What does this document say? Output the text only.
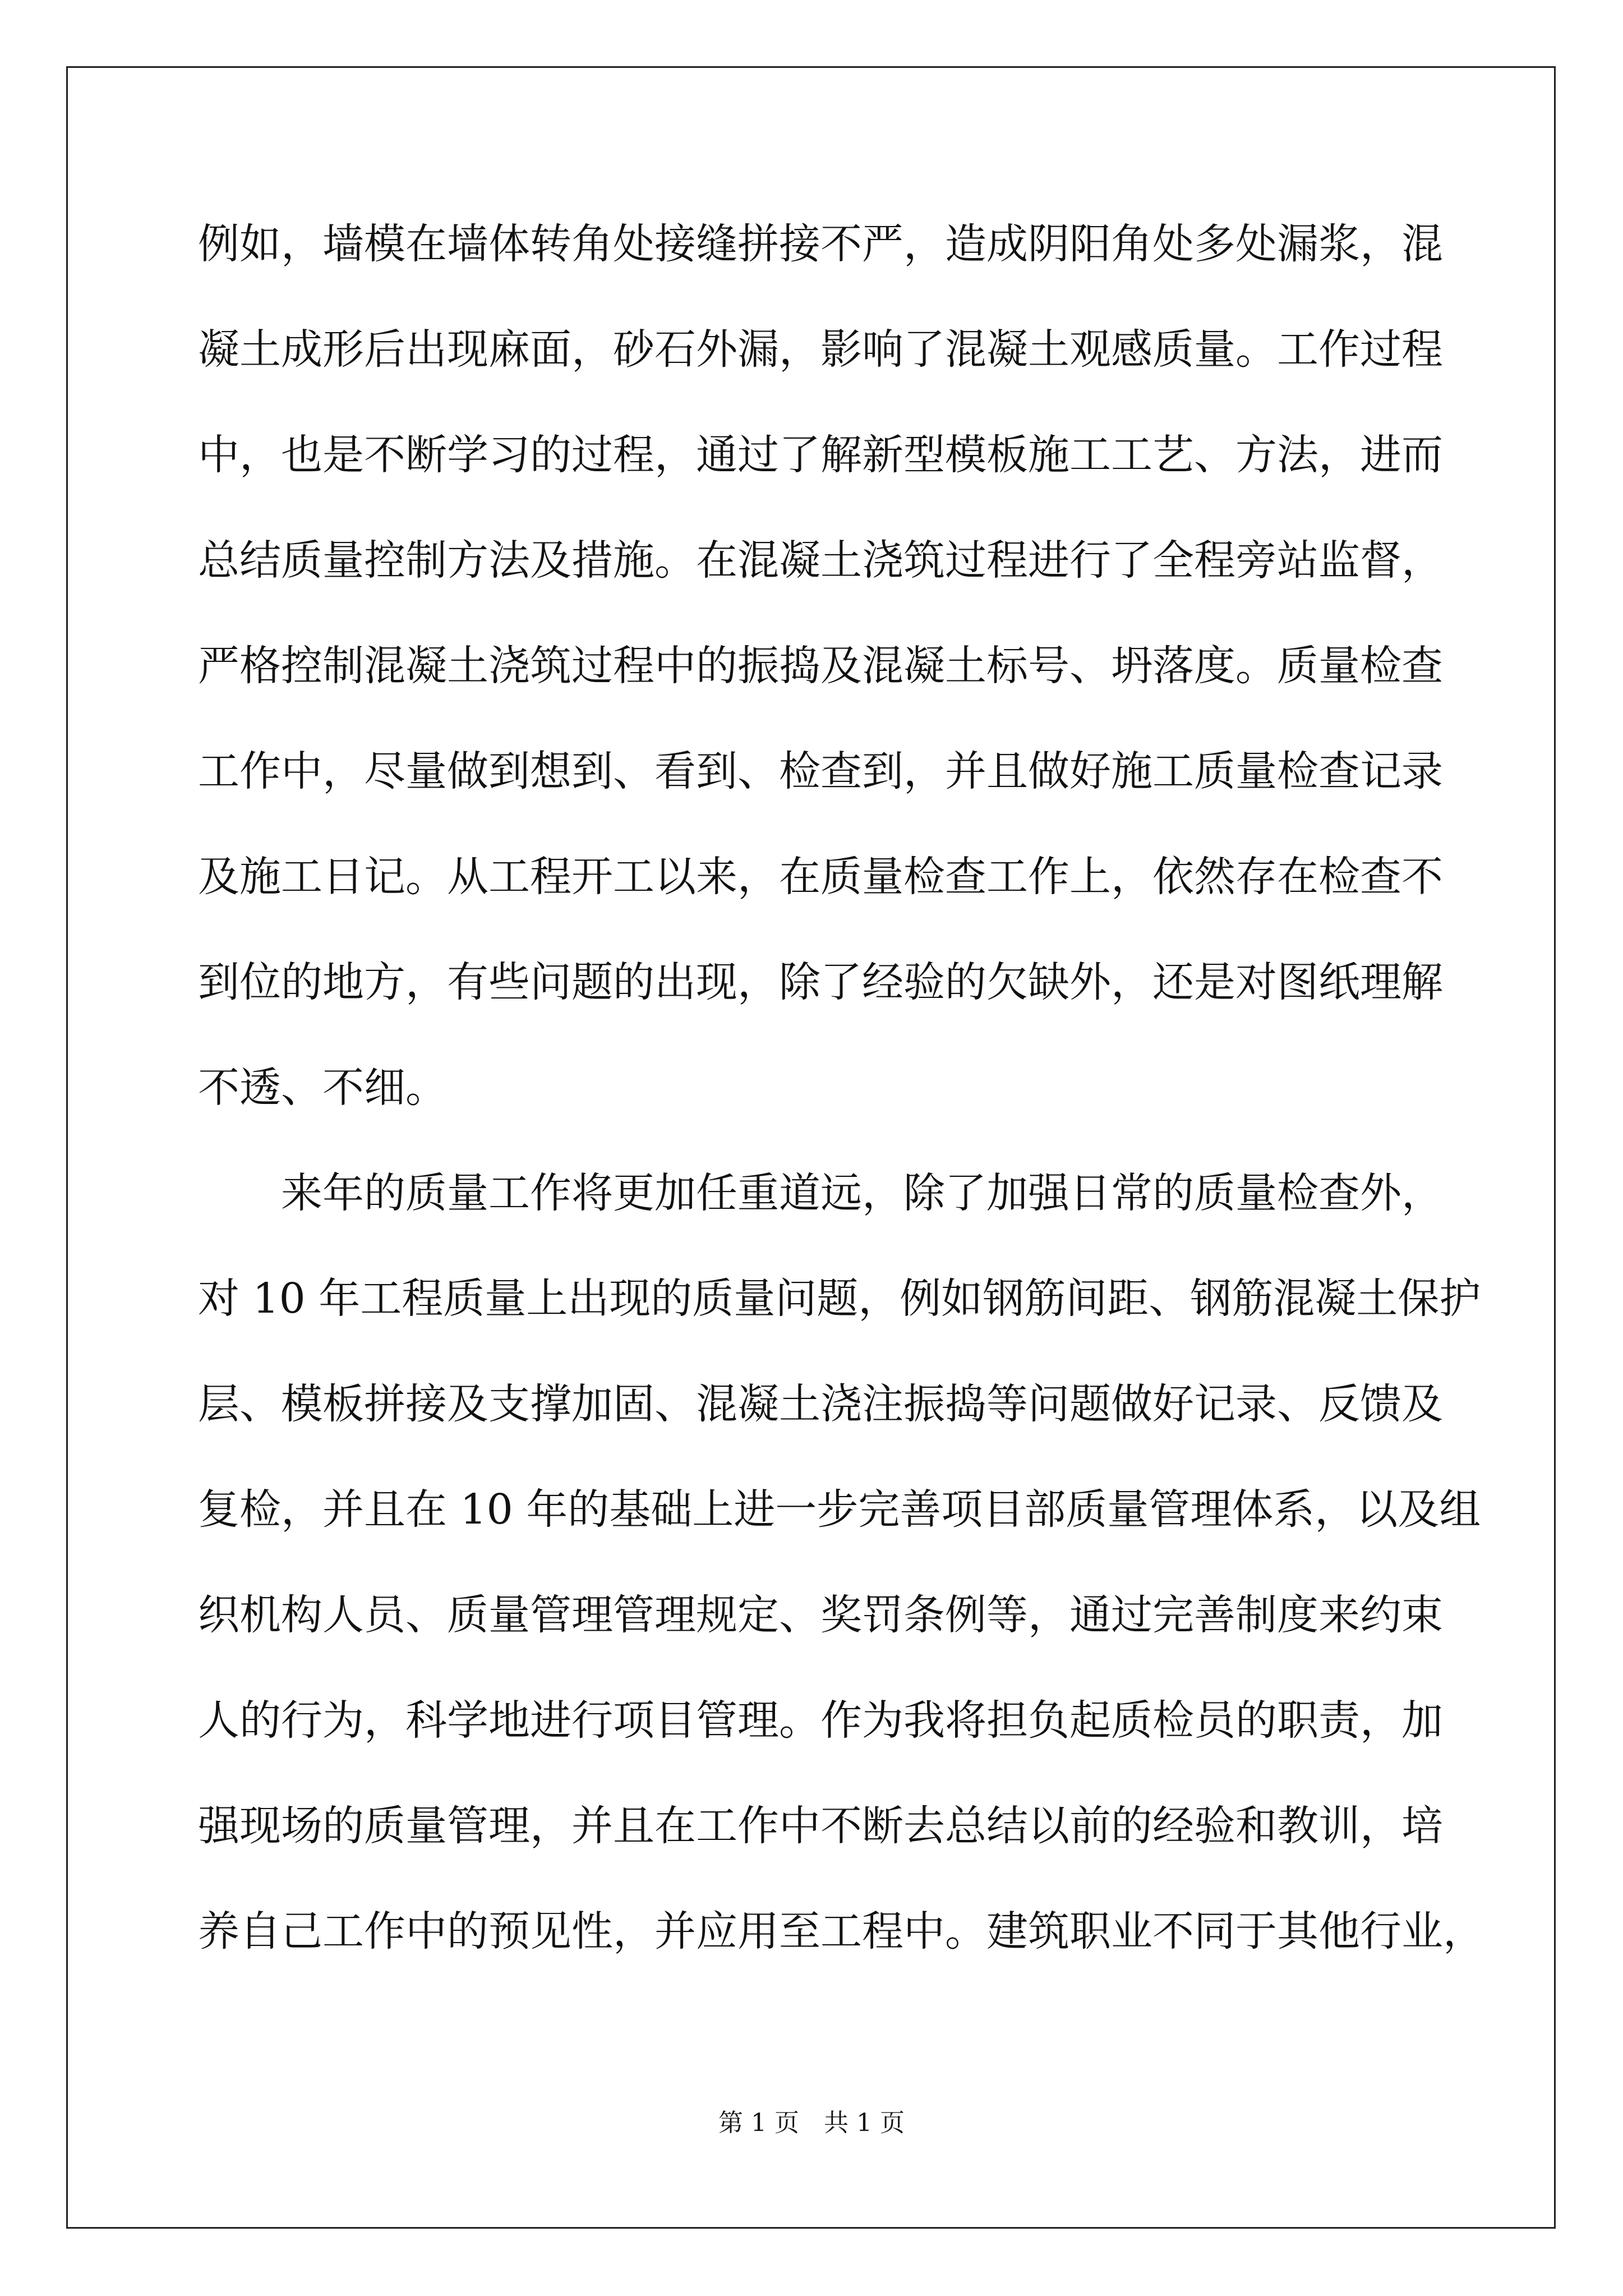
例如，墙模在墙体转角处接缝拼接不严，造成阴阳角处多处漏浆，混
凝土成形后出现麻面，砂石外漏，影响了混凝土观感质量。工作过程
中，也是不断学习的过程，通过了解新型模板施工工艺、方法，进而
总结质量控制方法及措施。在混凝土浇筑过程进行了全程旁站监督，
严格控制混凝土浇筑过程中的振捣及混凝土标号、坍落度。质量检查
工作中，尽量做到想到、看到、检查到，并且做好施工质量检查记录
及施工日记。从工程开工以来，在质量检查工作上，依然存在检查不
到位的地方，有些问题的出现，除了经验的欠缺外，还是对图纸理解
不透、不细。
　　来年的质量工作将更加任重道远，除了加强日常的质量检查外，
对 10 年工程质量上出现的质量问题，例如钢筋间距、钢筋混凝土保护
层、模板拼接及支撑加固、混凝土浇注振捣等问题做好记录、反馈及
复检，并且在 10 年的基础上进一步完善项目部质量管理体系，以及组
织机构人员、质量管理管理规定、奖罚条例等，通过完善制度来约束
人的行为，科学地进行项目管理。作为我将担负起质检员的职责，加
强现场的质量管理，并且在工作中不断去总结以前的经验和教训，培
养自己工作中的预见性，并应用至工程中。建筑职业不同于其他行业，
第 1 页　共 1 页
